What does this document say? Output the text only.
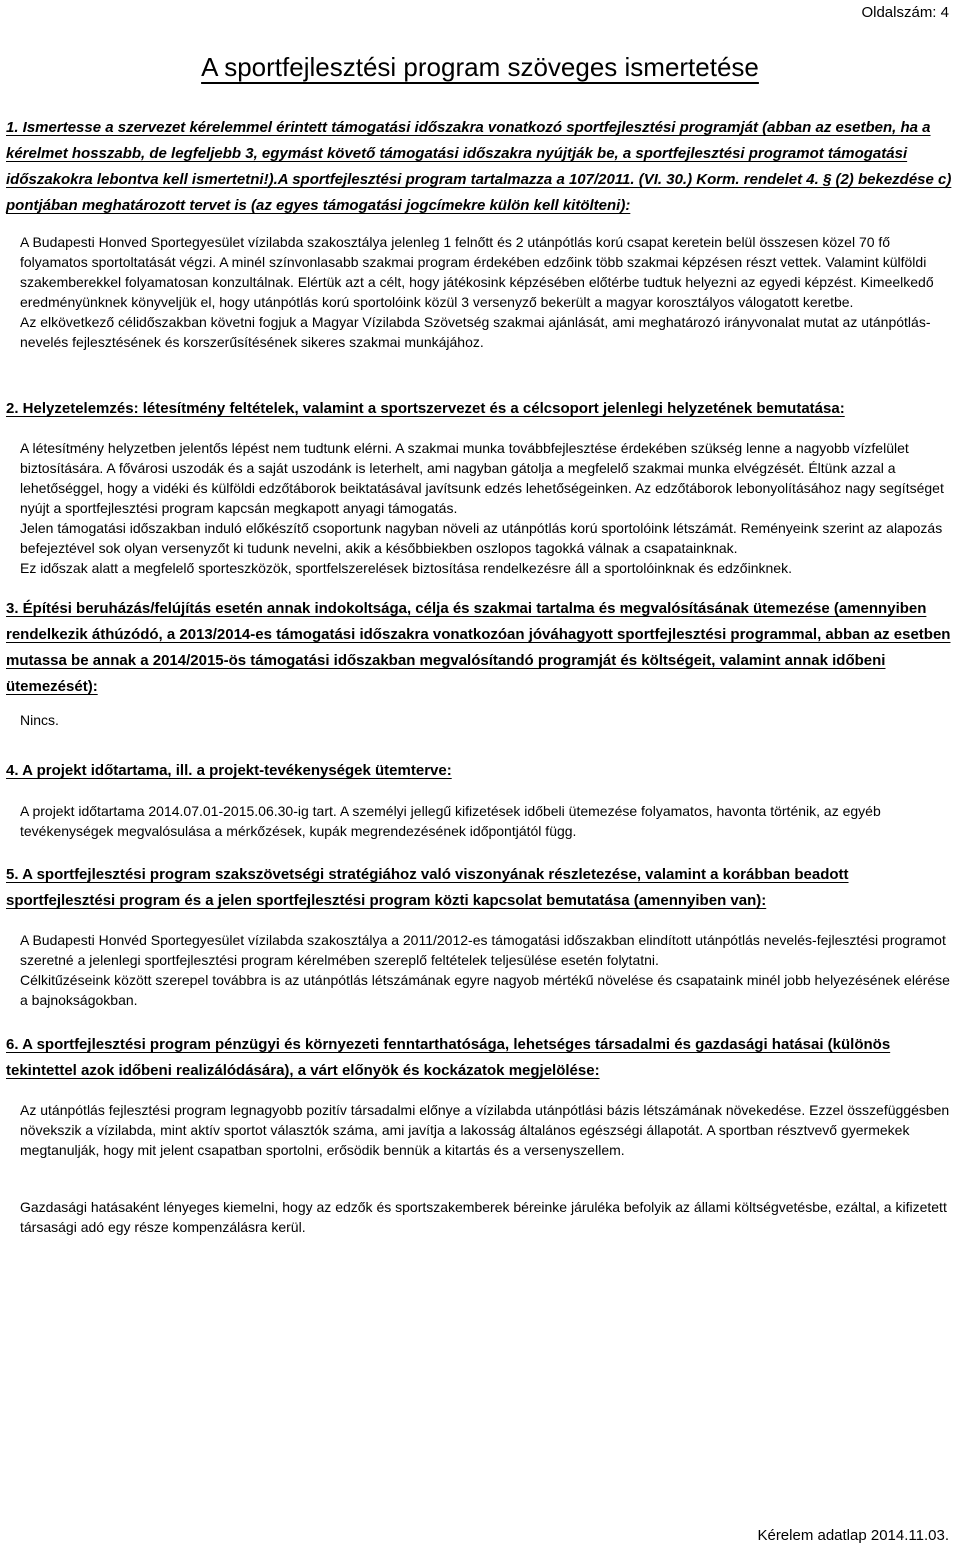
Oldalszám: 4
A sportfejlesztési program szöveges ismertetése
1. Ismertesse a szervezet kérelemmel érintett támogatási időszakra vonatkozó sportfejlesztési programját (abban az esetben, ha a kérelmet hosszabb, de legfeljebb 3, egymást követő támogatási időszakra nyújtják be, a sportfejlesztési programot támogatási időszakokra lebontva kell ismertetni!).A sportfejlesztési program tartalmazza a 107/2011. (VI. 30.) Korm. rendelet 4. § (2) bekezdése c) pontjában meghatározott tervet is (az egyes támogatási jogcímekre külön kell kitölteni):
A Budapesti Honved Sportegyesület vízilabda szakosztálya jelenleg 1 felnőtt és 2 utánpótlás korú csapat keretein belül összesen közel 70 fő folyamatos sportoltatását végzi. A minél színvonlasabb szakmai program érdekében edzőink több szakmai képzésen részt vettek. Valamint külföldi szakemberekkel folyamatosan konzultálnak. Elértük azt a célt, hogy játékosink képzésében előtérbe tudtuk helyezni az egyedi képzést. Kimeelkedő eredményünknek könyveljük el, hogy utánpótlás korú sportolóink közül 3 versenyző bekerült a magyar korosztályos válogatott keretbe.
Az elkövetkező célidőszakban követni fogjuk a Magyar Vízilabda Szövetség szakmai ajánlását, ami meghatározó irányvonalat mutat az utánpótlás-nevelés fejlesztésének és korszerűsítésének sikeres szakmai munkájához.
2. Helyzetelemzés: létesítmény feltételek, valamint a sportszervezet és a célcsoport jelenlegi helyzetének bemutatása:
A létesítmény helyzetben jelentős lépést nem tudtunk elérni. A szakmai munka továbbfejlesztése érdekében szükség lenne a nagyobb vízfelület biztosítására. A fővárosi uszodák és a saját uszodánk is leterhelt, ami nagyban gátolja a megfelelő szakmai munka elvégzését. Éltünk azzal a lehetőséggel, hogy a vidéki és külföldi edzőtáborok beiktatásával javítsunk edzés lehetőségeinken. Az edzőtáborok lebonyolításához nagy segítséget nyújt a sportfejlesztési program kapcsán megkapott anyagi támogatás.
Jelen támogatási időszakban induló előkészítő csoportunk nagyban növeli az utánpótlás korú sportolóink létszámát. Reményeink szerint az alapozás befejeztével sok olyan versenyzőt ki tudunk nevelni, akik a későbbiekben oszlopos tagokká válnak a csapatainknak.
Ez időszak alatt a megfelelő sporteszközök, sportfelszerelések biztosítása rendelkezésre áll a sportolóinknak és edzőinknek.
3. Építési beruházás/felújítás esetén annak indokoltsága, célja és szakmai tartalma és megvalósításának ütemezése (amennyiben rendelkezik áthúzódó, a 2013/2014-es támogatási időszakra vonatkozóan jóváhagyott sportfejlesztési programmal, abban az esetben mutassa be annak a 2014/2015-ös támogatási időszakban megvalósítandó programját és költségeit, valamint annak időbeni ütemezését):
Nincs.
4. A projekt időtartama, ill. a projekt-tevékenységek ütemterve:
A projekt időtartama 2014.07.01-2015.06.30-ig tart. A személyi jellegű kifizetések időbeli ütemezése folyamatos, havonta történik, az egyéb tevékenységek megvalósulása a mérkőzések, kupák megrendezésének időpontjától függ.
5. A sportfejlesztési program szakszövetségi stratégiához való viszonyának részletezése, valamint a korábban beadott sportfejlesztési program és a jelen sportfejlesztési program közti kapcsolat bemutatása (amennyiben van):
A Budapesti Honvéd Sportegyesület vízilabda szakosztálya a 2011/2012-es támogatási időszakban elindított utánpótlás nevelés-fejlesztési programot szeretné a jelenlegi sportfejlesztési program kérelmében szereplő feltételek teljesülése esetén folytatni.
Célkitűzéseink között szerepel továbbra is az utánpótlás létszámának egyre nagyob mértékű növelése és csapataink minél jobb helyezésének elérése a bajnokságokban.
6. A sportfejlesztési program pénzügyi és környezeti fenntarthatósága, lehetséges társadalmi és gazdasági hatásai (különös tekintettel azok időbeni realizálódására), a várt előnyök és kockázatok megjelölése:
Az utánpótlás fejlesztési program legnagyobb pozitív társadalmi előnye a vízilabda utánpótlási bázis létszámának növekedése. Ezzel összefüggésben növekszik a vízilabda, mint aktív sportot választók száma, ami javítja a lakosság általános egészségi állapotát. A sportban résztvevő gyermekek megtanulják, hogy mit jelent csapatban sportolni, erősödik bennük a kitartás és a versenyszellem.
Gazdasági hatásaként lényeges kiemelni, hogy az edzők és sportszakemberek béreinke járuléka befolyik az állami költségvetésbe, ezáltal, a kifizetett társasági adó egy része kompenzálásra kerül.
Kérelem adatlap 2014.11.03.
